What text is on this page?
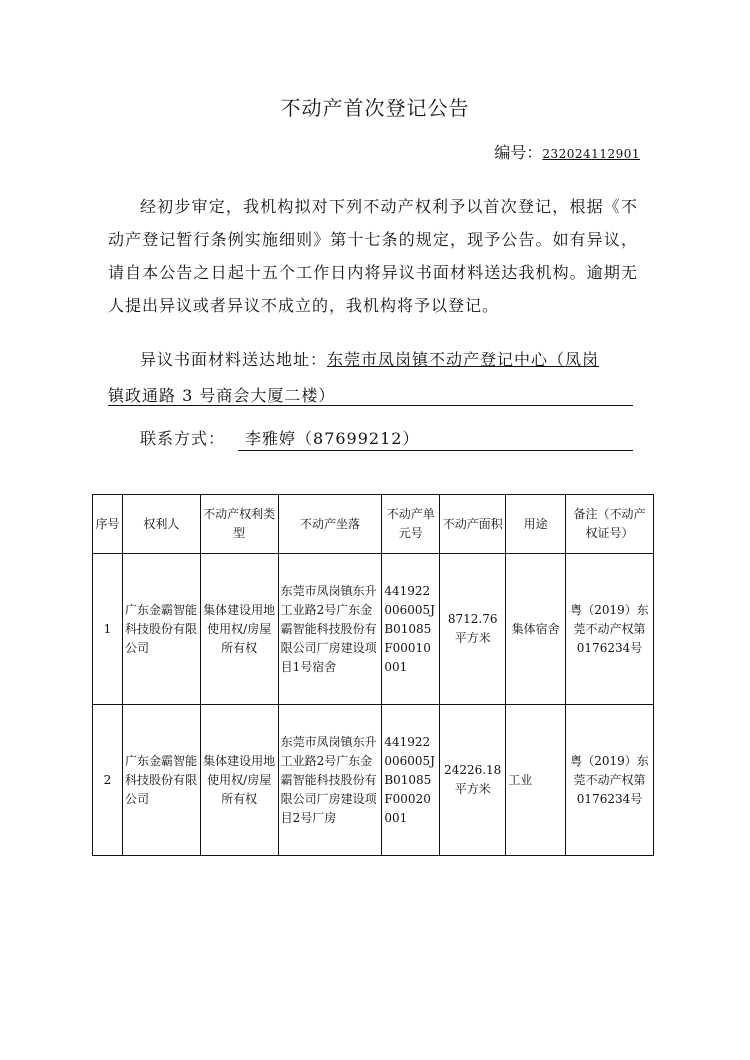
不动产首次登记公告
编号：232024112901

经初步审定，我机构拟对下列不动产权利予以首次登记，根据《不动产登记暂行条例实施细则》第十七条的规定，现予公告。如有异议，请自本公告之日起十五个工作日内将异议书面材料送达我机构。逾期无人提出异议或者异议不成立的，我机构将予以登记。

异议书面材料送达地址：东莞市凤岗镇不动产登记中心（凤岗
镇政通路 3 号商会大厦二楼）
联系方式： 李雅婷（87699212）
序号	权利人	不动产权利类型	不动产坐落	不动产单元号	不动产面积	用途	备注（不动产权证号）
1	广东金霸智能科技股份有限公司	集体建设用地使用权/房屋所有权	东莞市凤岗镇东升工业路2号广东金霸智能科技股份有限公司厂房建设项目1号宿舍	441922006005JB01085F00010001	8712.76平方米	集体宿舍	粤（2019）东莞不动产权第0176234号
2	广东金霸智能科技股份有限公司	集体建设用地使用权/房屋所有权	东莞市凤岗镇东升工业路2号广东金霸智能科技股份有限公司厂房建设项目2号厂房	441922006005JB01085F00020001	24226.18平方米	工业	粤（2019）东莞不动产权第0176234号
